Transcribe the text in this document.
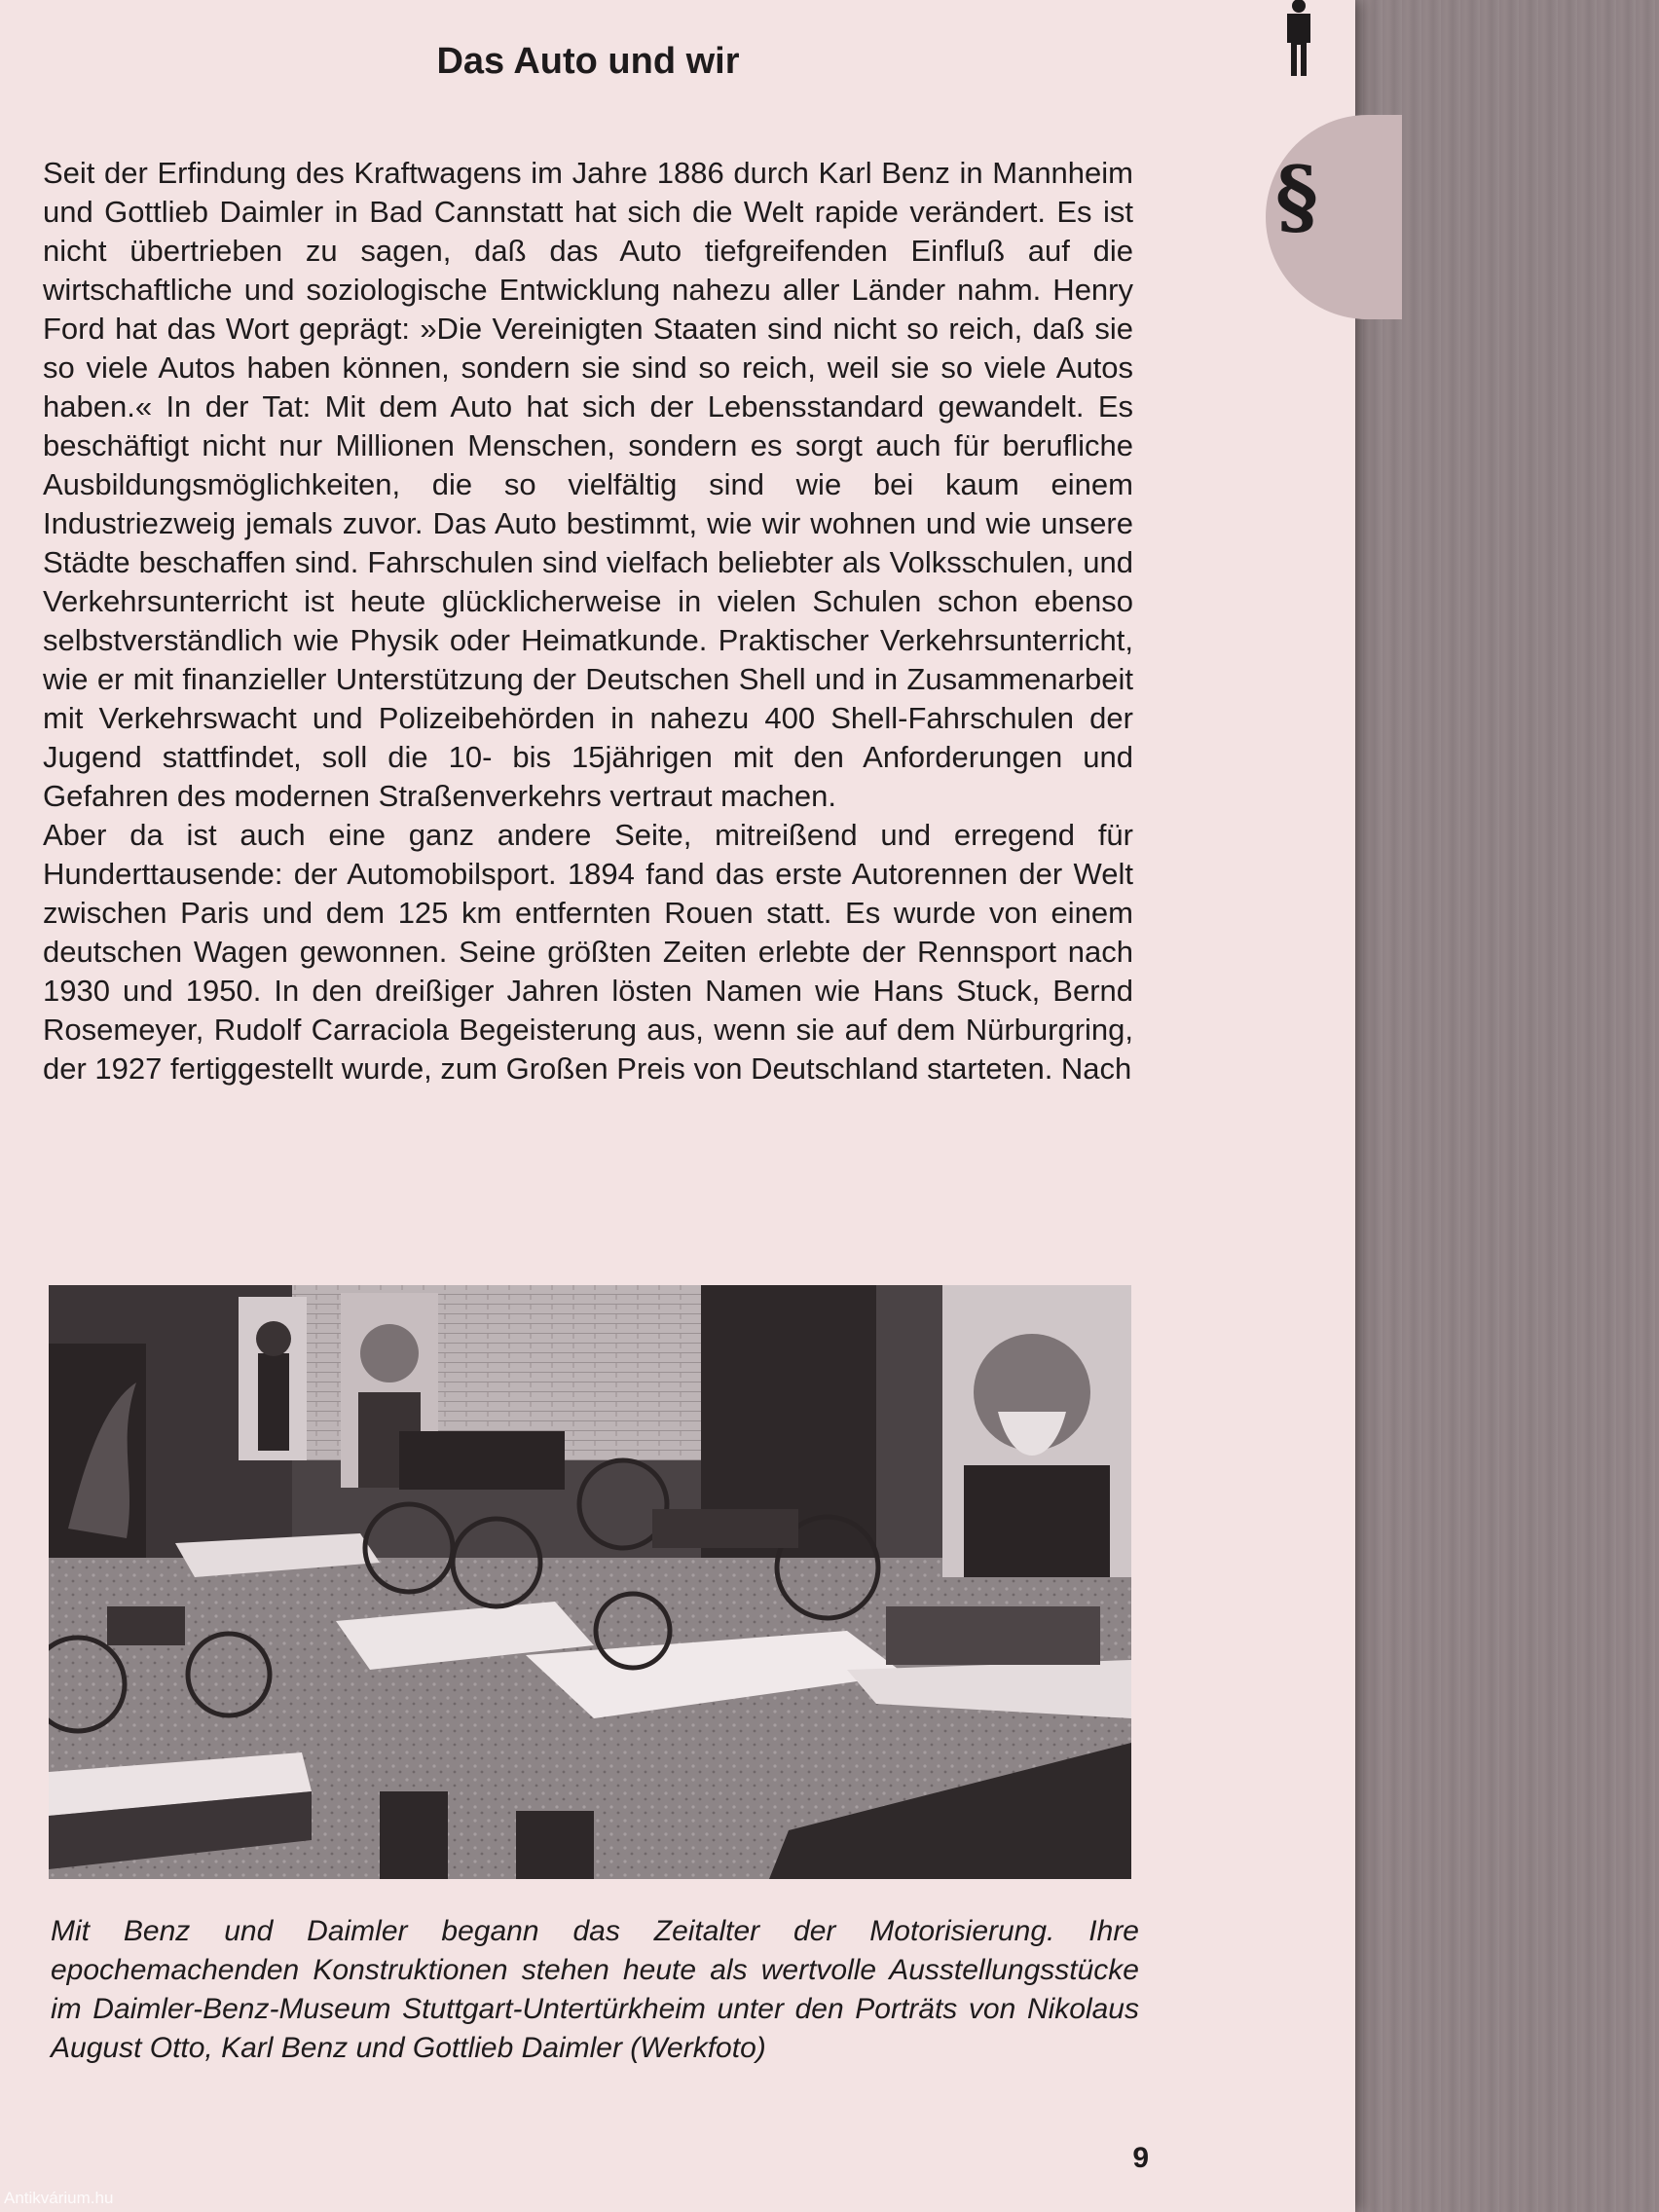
Das Auto und wir
§

Seit der Erfindung des Kraftwagens im Jahre 1886 durch Karl Benz in Mannheim und Gottlieb Daimler in Bad Cannstatt hat sich die Welt rapide verändert. Es ist nicht übertrieben zu sagen, daß das Auto tiefgreifenden Einfluß auf die wirtschaftliche und soziologische Entwicklung nahezu aller Länder nahm. Henry Ford hat das Wort geprägt: »Die Vereinigten Staaten sind nicht so reich, daß sie so viele Autos haben können, sondern sie sind so reich, weil sie so viele Autos haben.« In der Tat: Mit dem Auto hat sich der Lebensstandard gewandelt. Es beschäftigt nicht nur Millionen Menschen, sondern es sorgt auch für berufliche Ausbildungsmöglichkeiten, die so vielfältig sind wie bei kaum einem Industriezweig jemals zuvor. Das Auto bestimmt, wie wir wohnen und wie unsere Städte beschaffen sind. Fahrschulen sind vielfach beliebter als Volksschulen, und Verkehrsunterricht ist heute glücklicherweise in vielen Schulen schon ebenso selbstverständlich wie Physik oder Heimatkunde. Praktischer Verkehrsunterricht, wie er mit finanzieller Unterstützung der Deutschen Shell und in Zusammenarbeit mit Verkehrswacht und Polizeibehörden in nahezu 400 Shell-Fahrschulen der Jugend stattfindet, soll die 10- bis 15jährigen mit den Anforderungen und Gefahren des modernen Straßenverkehrs vertraut machen.

Aber da ist auch eine ganz andere Seite, mitreißend und erregend für Hunderttausende: der Automobilsport. 1894 fand das erste Autorennen der Welt zwischen Paris und dem 125 km entfernten Rouen statt. Es wurde von einem deutschen Wagen gewonnen. Seine größten Zeiten erlebte der Rennsport nach 1930 und 1950. In den dreißiger Jahren lösten Namen wie Hans Stuck, Bernd Rosemeyer, Rudolf Carraciola Begeisterung aus, wenn sie auf dem Nürburgring, der 1927 fertiggestellt wurde, zum Großen Preis von Deutschland starteten. Nach

Mit Benz und Daimler begann das Zeitalter der Motorisierung. Ihre epochemachenden Konstruktionen stehen heute als wertvolle Ausstellungsstücke im Daimler-Benz-Museum Stuttgart-Untertürkheim unter den Porträts von Nikolaus August Otto, Karl Benz und Gottlieb Daimler (Werkfoto)

9
Antikvárium.hu
